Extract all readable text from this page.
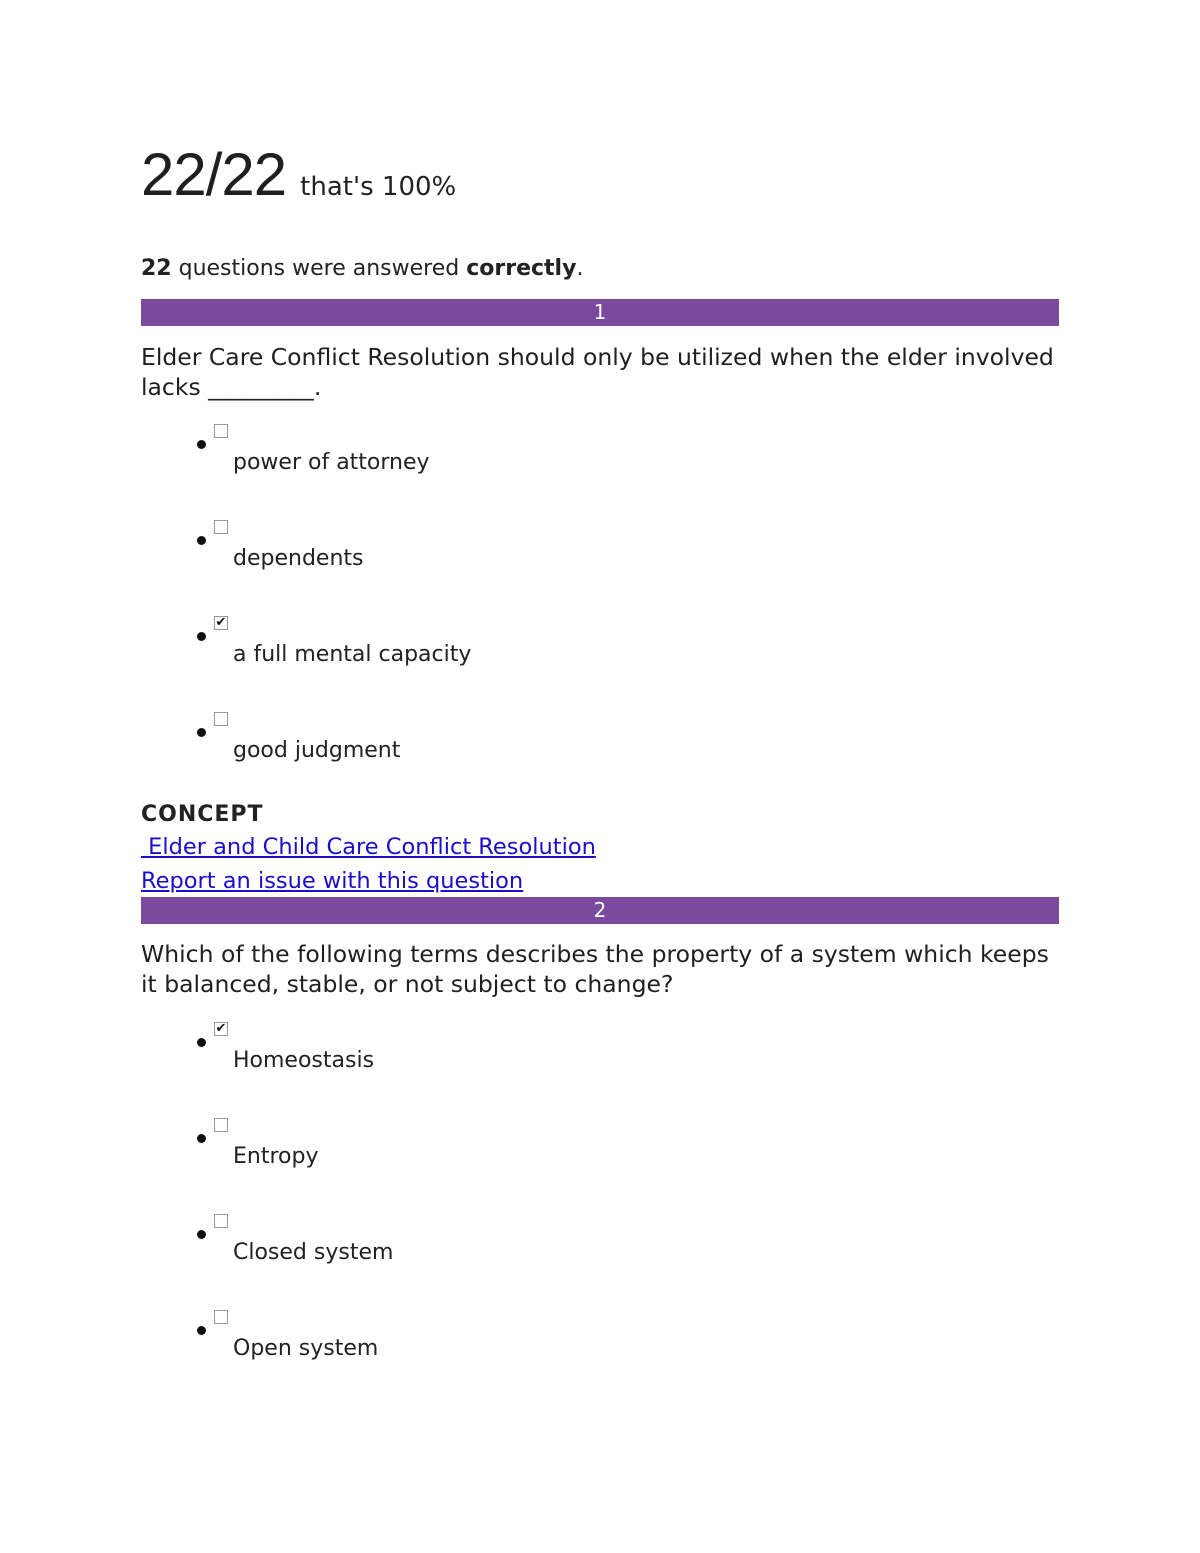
22/22 that's 100%
22 questions were answered correctly.
1
Elder Care Conflict Resolution should only be utilized when the elder involved lacks _________.
power of attorney
dependents
✔
a full mental capacity
good judgment
CONCEPT
Elder and Child Care Conflict Resolution
Report an issue with this question
2
Which of the following terms describes the property of a system which keeps it balanced, stable, or not subject to change?
✔
Homeostasis
Entropy
Closed system
Open system
